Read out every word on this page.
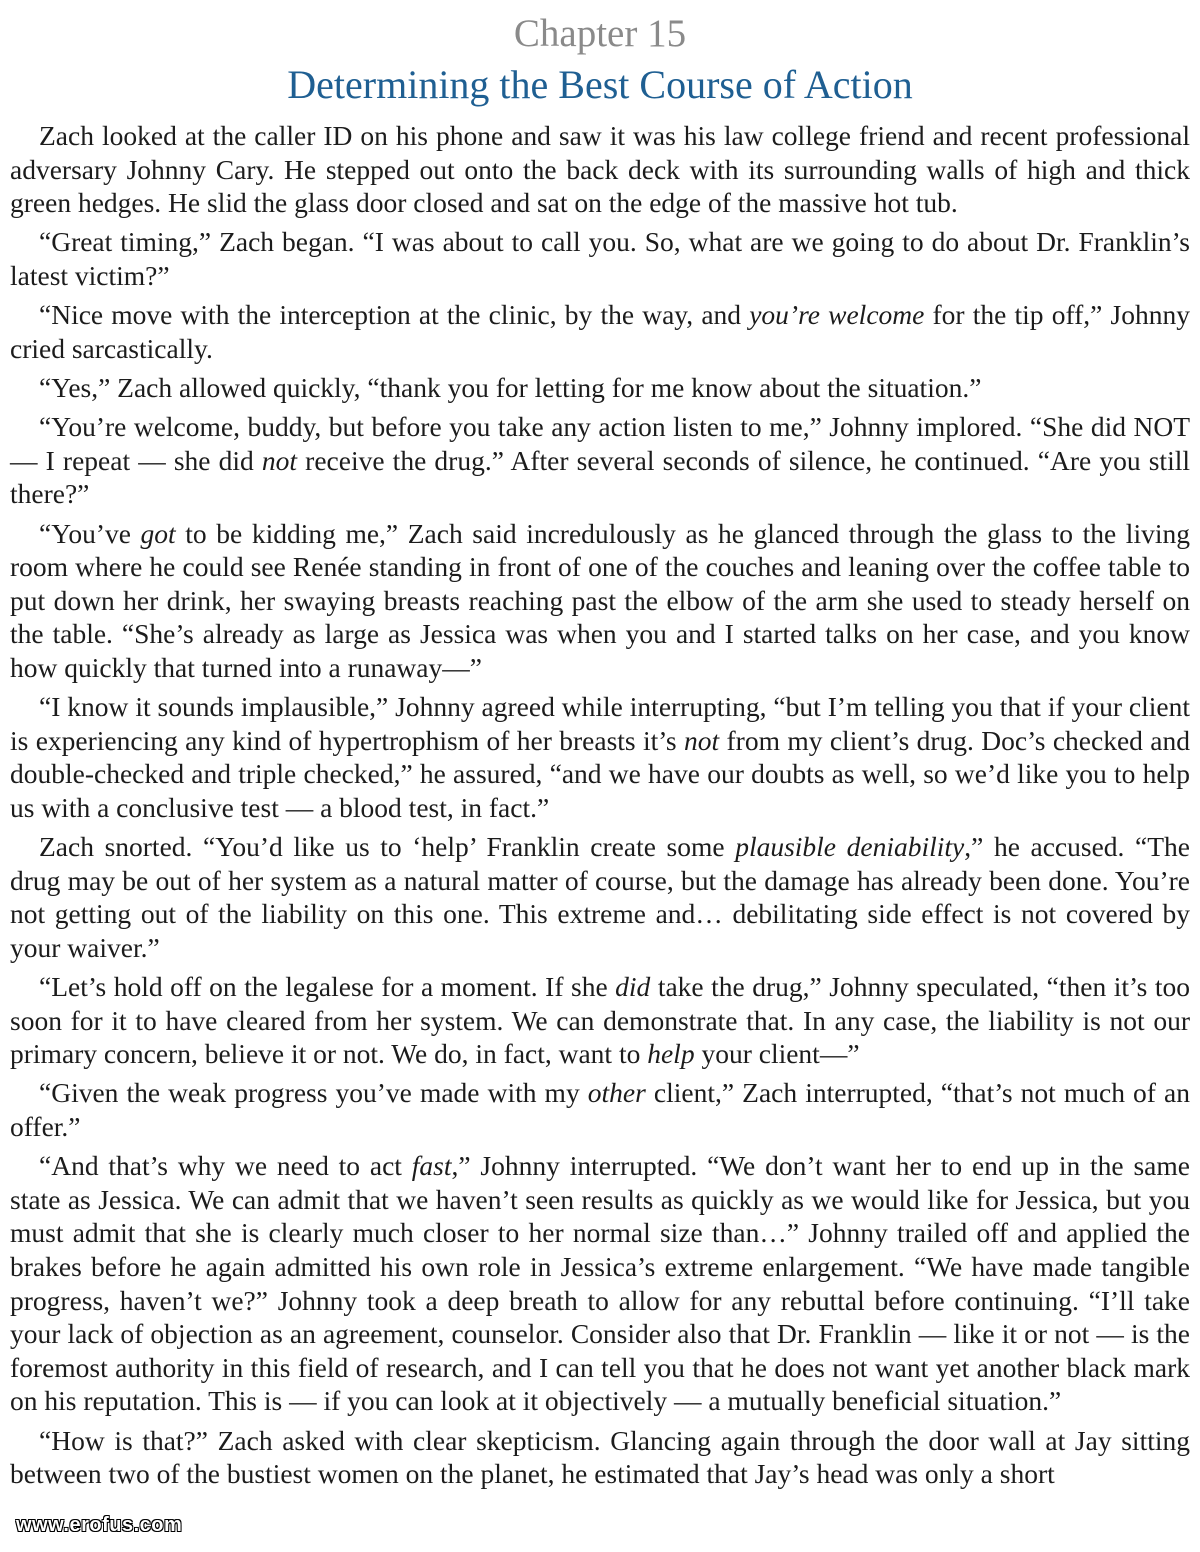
Chapter 15
Determining the Best Course of Action

Zach looked at the caller ID on his phone and saw it was his law college friend and recent professional adversary Johnny Cary. He stepped out onto the back deck with its surrounding walls of high and thick green hedges. He slid the glass door closed and sat on the edge of the massive hot tub.

“Great timing,” Zach began. “I was about to call you. So, what are we going to do about Dr. Franklin’s latest victim?”

“Nice move with the interception at the clinic, by the way, and you’re welcome for the tip off,” Johnny cried sarcastically.

“Yes,” Zach allowed quickly, “thank you for letting for me know about the situation.”

“You’re welcome, buddy, but before you take any action listen to me,” Johnny implored. “She did NOT — I repeat — she did not receive the drug.” After several seconds of silence, he continued. “Are you still there?”

“You’ve got to be kidding me,” Zach said incredulously as he glanced through the glass to the living room where he could see Renée standing in front of one of the couches and leaning over the coffee table to put down her drink, her swaying breasts reaching past the elbow of the arm she used to steady herself on the table. “She’s already as large as Jessica was when you and I started talks on her case, and you know how quickly that turned into a runaway—”

“I know it sounds implausible,” Johnny agreed while interrupting, “but I’m telling you that if your client is experiencing any kind of hypertrophism of her breasts it’s not from my client’s drug. Doc’s checked and double-checked and triple checked,” he assured, “and we have our doubts as well, so we’d like you to help us with a conclusive test — a blood test, in fact.”

Zach snorted. “You’d like us to ‘help’ Franklin create some plausible deniability,” he accused. “The drug may be out of her system as a natural matter of course, but the damage has already been done. You’re not getting out of the liability on this one. This extreme and… debilitating side effect is not covered by your waiver.”

“Let’s hold off on the legalese for a moment. If she did take the drug,” Johnny speculated, “then it’s too soon for it to have cleared from her system. We can demonstrate that. In any case, the liability is not our primary concern, believe it or not. We do, in fact, want to help your client—”

“Given the weak progress you’ve made with my other client,” Zach interrupted, “that’s not much of an offer.”

“And that’s why we need to act fast,” Johnny interrupted. “We don’t want her to end up in the same state as Jessica. We can admit that we haven’t seen results as quickly as we would like for Jessica, but you must admit that she is clearly much closer to her normal size than…” Johnny trailed off and applied the brakes before he again admitted his own role in Jessica’s extreme enlargement. “We have made tangible progress, haven’t we?” Johnny took a deep breath to allow for any rebuttal before continuing. “I’ll take your lack of objection as an agreement, counselor. Consider also that Dr. Franklin — like it or not — is the foremost authority in this field of research, and I can tell you that he does not want yet another black mark on his reputation. This is — if you can look at it objectively — a mutually beneficial situation.”

“How is that?” Zach asked with clear skepticism. Glancing again through the door wall at Jay sitting between two of the bustiest women on the planet, he estimated that Jay’s head was only a short

www.erofus.com
